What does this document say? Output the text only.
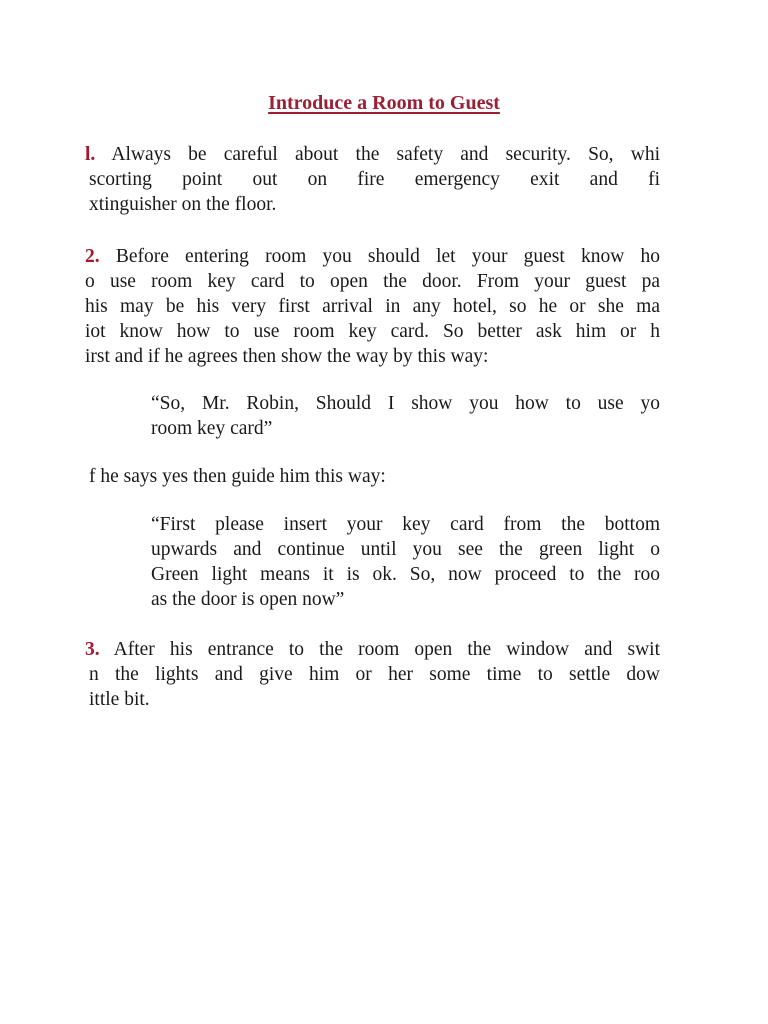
Introduce a Room to Guest
l. Always be careful about the safety and security. So, whi
scorting point out on fire emergency exit and fi
xtinguisher on the floor.
2. Before entering room you should let your guest know ho
o use room key card to open the door. From your guest pa
his may be his very first arrival in any hotel, so he or she ma
iot know how to use room key card. So better ask him or h
irst and if he agrees then show the way by this way:
“So, Mr. Robin, Should I show you how to use yo
room key card”
f he says yes then guide him this way:
“First please insert your key card from the bottom
upwards and continue until you see the green light o
Green light means it is ok. So, now proceed to the roo
as the door is open now”
3. After his entrance to the room open the window and swit
n the lights and give him or her some time to settle dow
ittle bit.
